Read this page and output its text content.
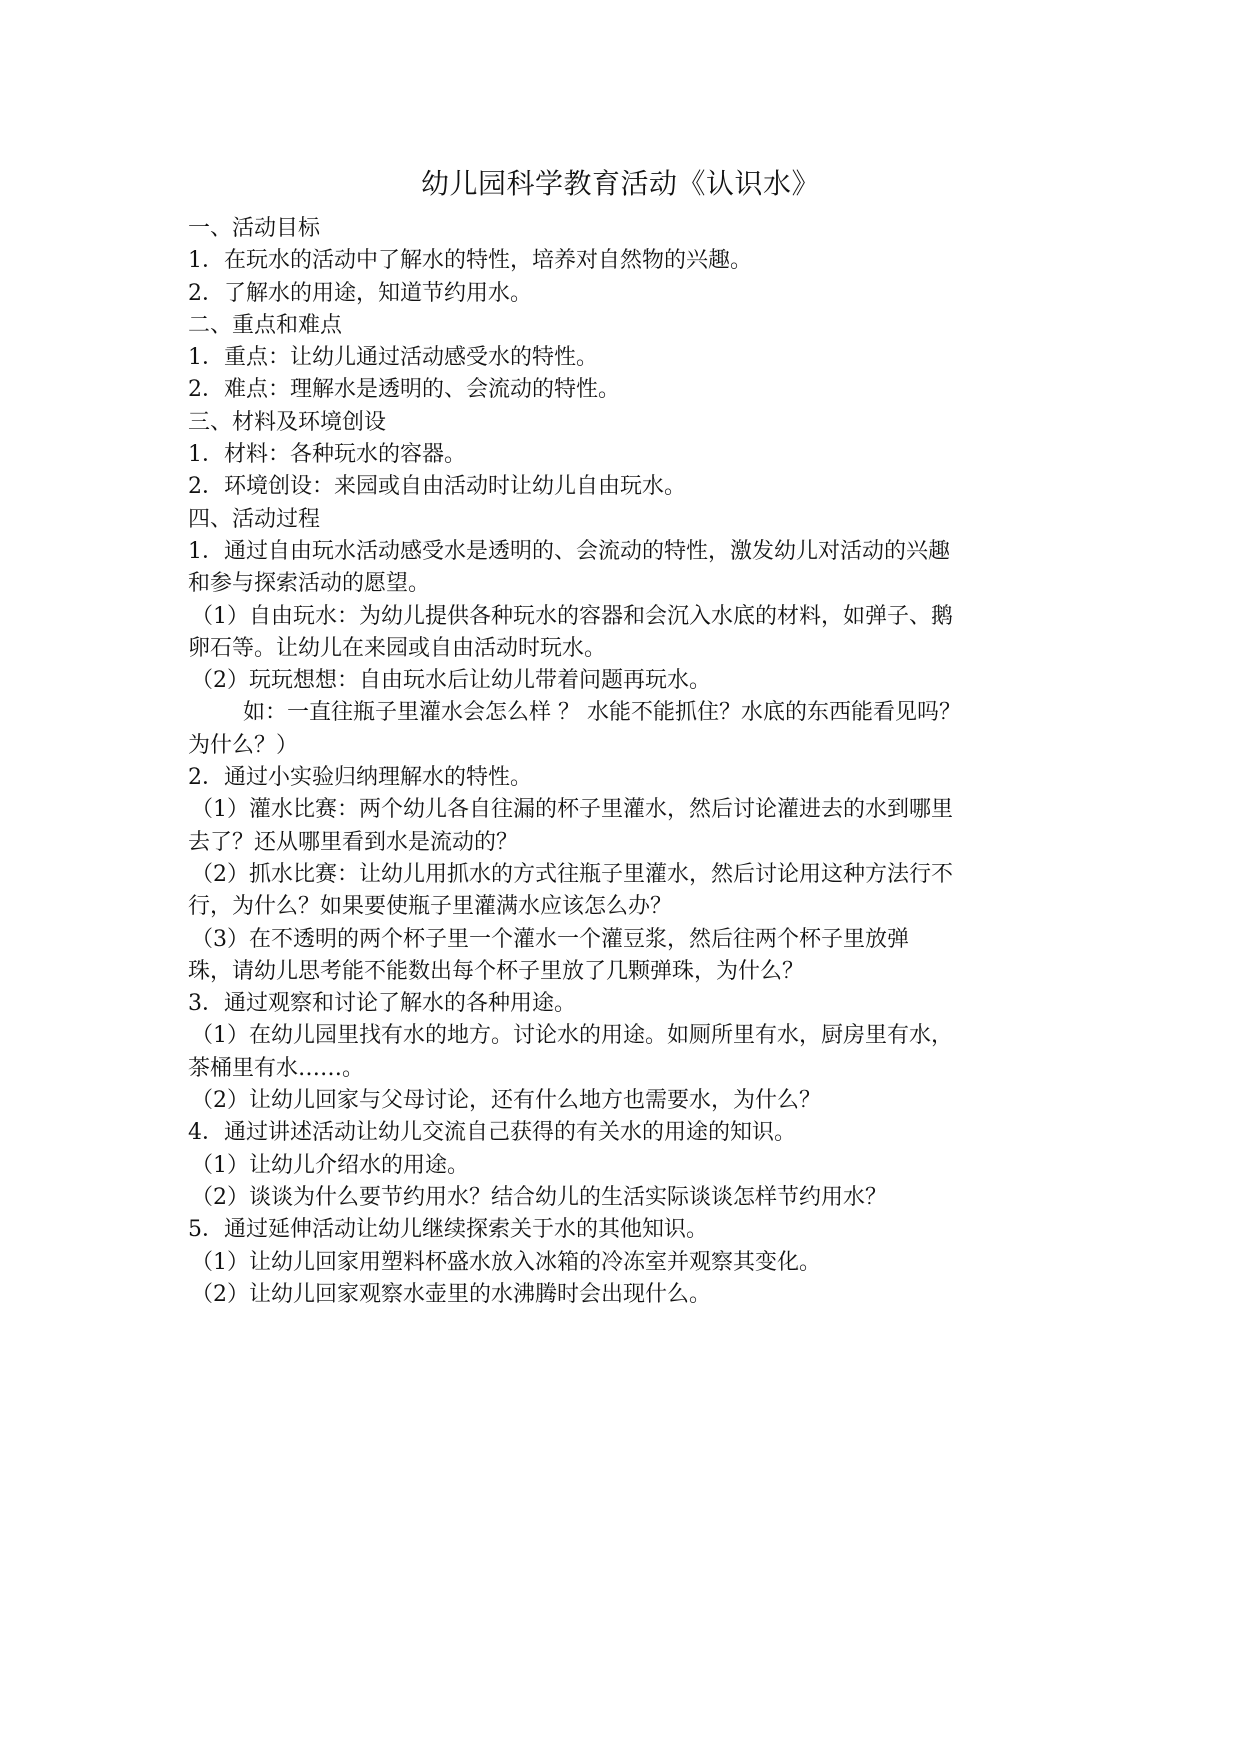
幼儿园科学教育活动《认识水》
一、活动目标
1．在玩水的活动中了解水的特性，培养对自然物的兴趣。
2．了解水的用途，知道节约用水。
二、重点和难点
1．重点：让幼儿通过活动感受水的特性。
2．难点：理解水是透明的、会流动的特性。
三、材料及环境创设
1．材料：各种玩水的容器。
2．环境创设：来园或自由活动时让幼儿自由玩水。
四、活动过程
1．通过自由玩水活动感受水是透明的、会流动的特性，激发幼儿对活动的兴趣
和参与探索活动的愿望。
（1）自由玩水：为幼儿提供各种玩水的容器和会沉入水底的材料，如弹子、鹅
卵石等。让幼儿在来园或自由活动时玩水。
（2）玩玩想想：自由玩水后让幼儿带着问题再玩水。
如：一直往瓶子里灌水会怎么样 ？ 水能不能抓住？水底的东西能看见吗？
为什么？）
2．通过小实验归纳理解水的特性。
（1）灌水比赛：两个幼儿各自往漏的杯子里灌水，然后讨论灌进去的水到哪里
去了？还从哪里看到水是流动的？
（2）抓水比赛：让幼儿用抓水的方式往瓶子里灌水，然后讨论用这种方法行不
行，为什么？如果要使瓶子里灌满水应该怎么办？
（3）在不透明的两个杯子里一个灌水一个灌豆浆，然后往两个杯子里放弹
珠，请幼儿思考能不能数出每个杯子里放了几颗弹珠，为什么？
3．通过观察和讨论了解水的各种用途。
（1）在幼儿园里找有水的地方。讨论水的用途。如厕所里有水，厨房里有水，
茶桶里有水……。
（2）让幼儿回家与父母讨论，还有什么地方也需要水，为什么？
4．通过讲述活动让幼儿交流自己获得的有关水的用途的知识。
（1）让幼儿介绍水的用途。
（2）谈谈为什么要节约用水？结合幼儿的生活实际谈谈怎样节约用水？
5．通过延伸活动让幼儿继续探索关于水的其他知识。
（1）让幼儿回家用塑料杯盛水放入冰箱的冷冻室并观察其变化。
（2）让幼儿回家观察水壶里的水沸腾时会出现什么。
